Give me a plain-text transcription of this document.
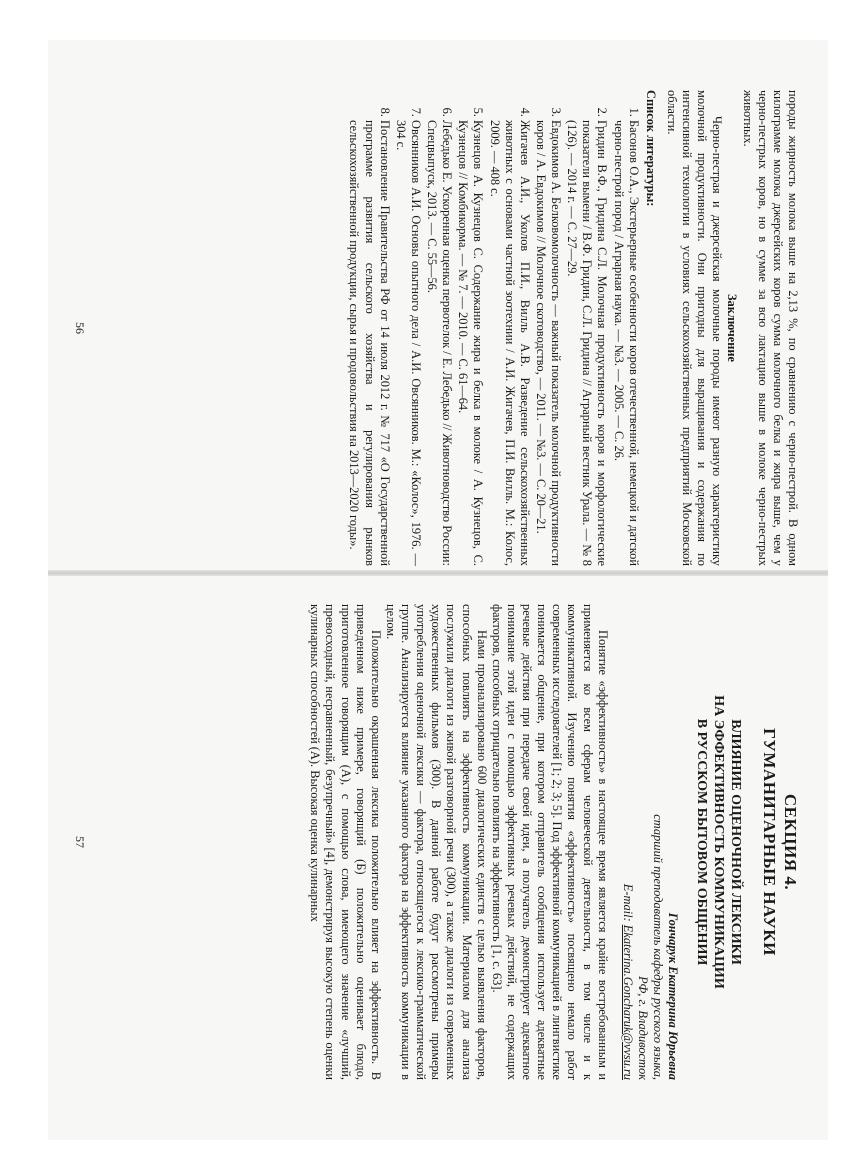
породы жирность молока выше на 2,13 %, по сравнению с черно-пестрой. В одном килограмме молока джерсейских коров сумма молочного белка и жира выше, чем у черно-пестрых коров, но в сумме за всю лактацию выше в молоке черно-пестрых животных.

Заключение

Черно-пестрая и джерсейская молочные породы имеют разную характеристику молочной продуктивности. Они пригодны для выращивания и содержания по интенсивной технологии в условиях сельскохозяйственных предприятий Московской области.

Список литературы:

1. Басонов О.А., Экстерьерные особенности коров отечественной, немецкой и датской черно-пестрой пород / Аграрная наука. — №3. — 2005. — С. 26.
2. Гридин В.Ф., Гридина С.Л. Молочная продуктивность коров и морфологические показатели вымени / В.Ф. Гридин, С.Л. Гридина // Аграрный вестник Урала. — № 8 (126). — 2014 г. — С. 27—29.
3. Евдокимов А. Белковомолочность — важный показатель молочной продуктивности коров / А. Евдокимов // Молочное скотоводство, — 2011. — №3. — С. 20—21.
4. Жигачев А.И., Уколов П.И., Вилль А.В. Разведение сельскохозяйственных животных с основами частной зоотехнии / А.И. Жигачев, П.И. Вилль. М.: Колос, 2009. — 408 с.
5. Кузнецов А. Кузнецов С. Содержание жира и белка в молоке / А. Кузнецов, С. Кузнецов // Комбикорма. — № 7. — 2010. — С. 61—64.
6. Лебедько Е. Ускоренная оценка первотелок / Е. Лебедько // Животноводство России: Спецвыпуск, 2013. — С. 55—56.
7. Овсянников А.И. Основы опытного дела / А.И. Овсянников. М.: «Колос», 1976. — 304 с.
8. Постановление Правительства РФ от 14 июля 2012 г. № 717 «О Государственной программе развития сельского хозяйства и регулирования рынков сельскохозяйственной продукции, сырья и продовольствия на 2013—2020 годы».
56

СЕКЦИЯ 4.

ГУМАНИТАРНЫЕ НАУКИ

ВЛИЯНИЕ ОЦЕНОЧНОЙ ЛЕКСИКИ
НА ЭФФЕКТИВНОСТЬ КОММУНИКАЦИИ
В РУССКОМ БЫТОВОМ ОБЩЕНИИ

Гончарук Екатерина Юрьевна

старший преподаватель кафедры русского языка,

РФ, г. Владивосток

E-mail: Ekaterina.Goncharuk@vvsu.ru

Понятие «эффективность» в настоящее время является крайне востребованным и применяется ко всем сферам человеческой деятельности, в том числе и к коммуникативной. Изучению понятия «эффективность» посвящено немало работ современных исследователей [1; 2; 3; 5]. Под эффективной коммуникацией в лингвистике понимается общение, при котором отправитель сообщения использует адекватные речевые действия при передаче своей идеи, а получатель демонстрирует адекватное понимание этой идеи с помощью эффективных речевых действий, не содержащих факторов, способных отрицательно повлиять на эффективность [1, с. 63].

Нами проанализировано 600 диалогических единств с целью выявления факторов, способных повлиять на эффективность коммуникации. Материалом для анализа послужили диалоги из живой разговорной речи (300), а также диалоги из современных художественных фильмов (300). В данной работе будут рассмотрены примеры употребления оценочной лексики — фактора, относящегося к лексико-грамматической группе. Анализируется влияние указанного фактора на эффективность коммуникации в целом.

Положительно окрашенная лексика положительно влияет на эффективность. В приведенном ниже примере, говорящий (Б) положительно оценивает блюдо, приготовленное говорящим (А), с помощью слова, имеющего значение «лучший, превосходный, несравненный, безупречный» [4], демонстрируя высокую степень оценки кулинарных способностей (А). Высокая оценка кулинарных

57
